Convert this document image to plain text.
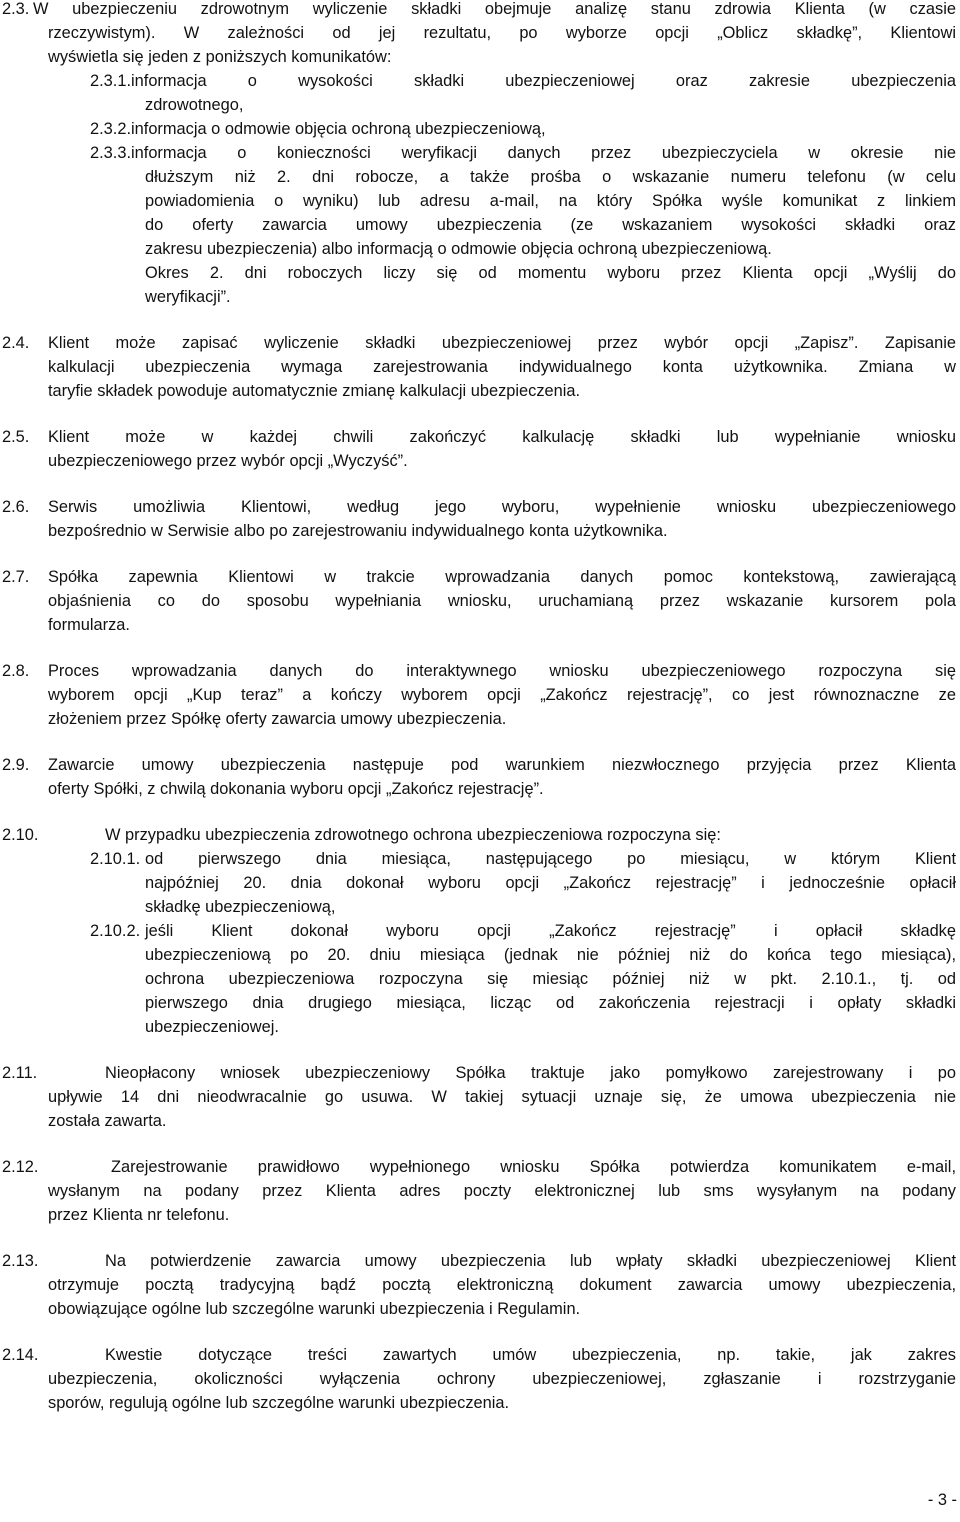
2.3. W ubezpieczeniu zdrowotnym wyliczenie składki obejmuje analizę stanu zdrowia Klienta (w czasie
rzeczywistym). W zależności od jej rezultatu, po wyborze opcji „Oblicz składkę”, Klientowi
wyświetla się jeden z poniższych komunikatów:
2.3.1.informacja o wysokości składki ubezpieczeniowej oraz zakresie ubezpieczenia
zdrowotnego,
2.3.2.informacja o odmowie objęcia ochroną ubezpieczeniową,
2.3.3.informacja o konieczności weryfikacji danych przez ubezpieczyciela w okresie nie
dłuższym niż 2. dni robocze, a także prośba o wskazanie numeru telefonu (w celu
powiadomienia o wyniku) lub adresu a-mail, na który Spółka wyśle komunikat z linkiem
do oferty zawarcia umowy ubezpieczenia (ze wskazaniem wysokości składki oraz
zakresu ubezpieczenia) albo informacją o odmowie objęcia ochroną ubezpieczeniową.
Okres 2. dni roboczych liczy się od momentu wyboru przez Klienta opcji „Wyślij do
weryfikacji”.
2.4. Klient może zapisać wyliczenie składki ubezpieczeniowej przez wybór opcji „Zapisz”. Zapisanie
kalkulacji ubezpieczenia wymaga zarejestrowania indywidualnego konta użytkownika. Zmiana w
taryfie składek powoduje automatycznie zmianę kalkulacji ubezpieczenia.
2.5. Klient może w każdej chwili zakończyć kalkulację składki lub wypełnianie wniosku
ubezpieczeniowego przez wybór opcji „Wyczyść”.
2.6. Serwis umożliwia Klientowi, według jego wyboru, wypełnienie wniosku ubezpieczeniowego
bezpośrednio w Serwisie albo po zarejestrowaniu indywidualnego konta użytkownika.
2.7. Spółka zapewnia Klientowi w trakcie wprowadzania danych pomoc kontekstową, zawierającą
objaśnienia co do sposobu wypełniania wniosku, uruchamianą przez wskazanie kursorem pola
formularza.
2.8. Proces wprowadzania danych do interaktywnego wniosku ubezpieczeniowego rozpoczyna się
wyborem opcji „Kup teraz” a kończy wyborem opcji „Zakończ rejestrację”, co jest równoznaczne ze
złożeniem przez Spółkę oferty zawarcia umowy ubezpieczenia.
2.9. Zawarcie umowy ubezpieczenia następuje pod warunkiem niezwłocznego przyjęcia przez Klienta
oferty Spółki, z chwilą dokonania wyboru opcji „Zakończ rejestrację”.
2.10.	W przypadku ubezpieczenia zdrowotnego ochrona ubezpieczeniowa rozpoczyna się:
2.10.1. od pierwszego dnia miesiąca, następującego po miesiącu, w którym Klient
najpóźniej 20. dnia dokonał wyboru opcji „Zakończ rejestrację” i jednocześnie opłacił
składkę ubezpieczeniową,
2.10.2. jeśli Klient dokonał wyboru opcji „Zakończ rejestrację” i opłacił składkę
ubezpieczeniową po 20. dniu miesiąca (jednak nie później niż do końca tego miesiąca),
ochrona ubezpieczeniowa rozpoczyna się miesiąc później niż w pkt. 2.10.1., tj. od
pierwszego dnia drugiego miesiąca, licząc od zakończenia rejestracji i opłaty składki
ubezpieczeniowej.
2.11.	Nieopłacony wniosek ubezpieczeniowy Spółka traktuje jako pomyłkowo zarejestrowany i po
upływie 14 dni nieodwracalnie go usuwa. W takiej sytuacji uznaje się, że umowa ubezpieczenia nie
została zawarta.
2.12.	Zarejestrowanie prawidłowo wypełnionego wniosku Spółka potwierdza komunikatem e-mail,
wysłanym na podany przez Klienta adres poczty elektronicznej lub sms wysyłanym na podany
przez Klienta nr telefonu.
2.13.	Na potwierdzenie zawarcia umowy ubezpieczenia lub wpłaty składki ubezpieczeniowej Klient
otrzymuje pocztą tradycyjną bądź pocztą elektroniczną dokument zawarcia umowy ubezpieczenia,
obowiązujące ogólne lub szczególne warunki ubezpieczenia i Regulamin.
2.14.	Kwestie dotyczące treści zawartych umów ubezpieczenia, np. takie, jak zakres
ubezpieczenia, okoliczności wyłączenia ochrony ubezpieczeniowej, zgłaszanie i rozstrzyganie
sporów, regulują ogólne lub szczególne warunki ubezpieczenia.
- 3 -
